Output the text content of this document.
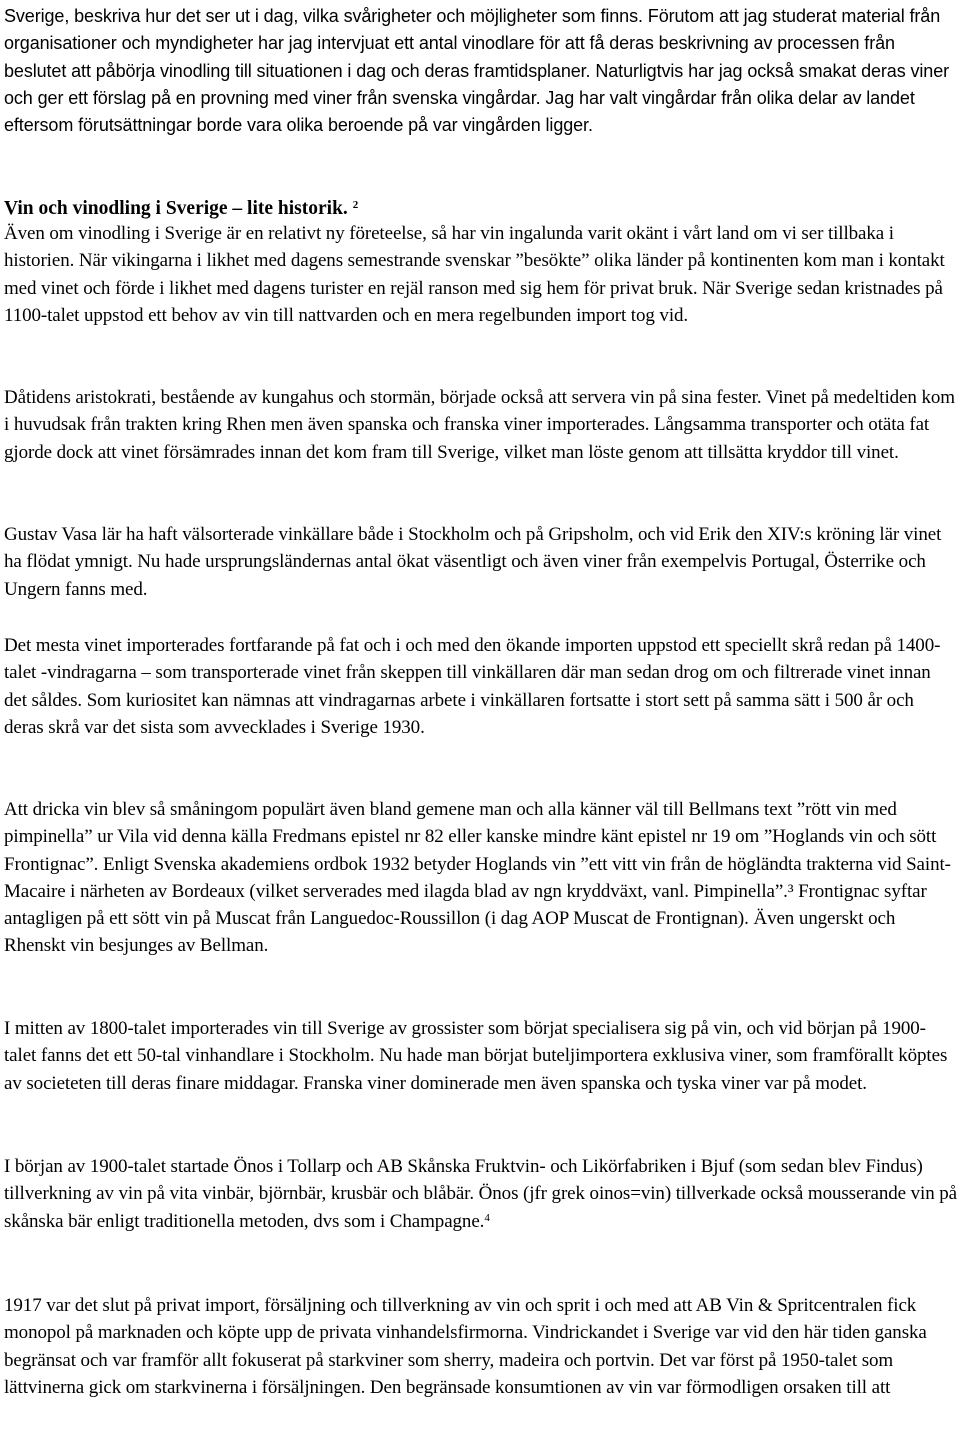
Sverige, beskriva hur det ser ut i dag, vilka svårigheter och möjligheter som finns. Förutom att jag studerat material från organisationer och myndigheter har jag intervjuat ett antal vinodlare för att få deras beskrivning av processen från beslutet att påbörja vinodling till situationen i dag och deras framtidsplaner. Naturligtvis har jag också smakat deras viner och ger ett förslag på en provning med viner från svenska vingårdar. Jag har valt vingårdar från olika delar av landet eftersom förutsättningar borde vara olika beroende på var vingården ligger.

Vin och vinodling i Sverige – lite historik. $^2$

Även om vinodling i Sverige är en relativt ny företeelse, så har vin ingalunda varit okänt i vårt land om vi ser tillbaka i historien. När vikingarna i likhet med dagens semestrande svenskar ”besökte” olika länder på kontinenten kom man i kontakt med vinet och förde i likhet med dagens turister en rejäl ranson med sig hem för privat bruk. När Sverige sedan kristnades på 1100-talet uppstod ett behov av vin till nattvarden och en mera regelbunden import tog vid.

Dåtidens aristokrati, bestående av kungahus och stormän, började också att servera vin på sina fester. Vinet på medeltiden kom i huvudsak från trakten kring Rhen men även spanska och franska viner importerades. Långsamma transporter och otäta fat gjorde dock att vinet försämrades innan det kom fram till Sverige, vilket man löste genom att tillsätta kryddor till vinet.

Gustav Vasa lär ha haft välsorterade vinkällare både i Stockholm och på Gripsholm, och vid Erik den XIV:s kröning lär vinet ha flödat ymnigt. Nu hade ursprungsländernas antal ökat väsentligt och även viner från exempelvis Portugal, Österrike och Ungern fanns med.

Det mesta vinet importerades fortfarande på fat och i och med den ökande importen uppstod ett speciellt skrå redan på 1400-talet -vindragarna – som transporterade vinet från skeppen till vinkällaren där man sedan drog om och filtrerade vinet innan det såldes. Som kuriositet kan nämnas att vindragarnas arbete i vinkällaren fortsatte i stort sett på samma sätt i 500 år och deras skrå var det sista som avvecklades i Sverige 1930.

Att dricka vin blev så småningom populärt även bland gemene man och alla känner väl till Bellmans text ”rött vin med pimpinella” ur Vila vid denna källa Fredmans epistel nr 82 eller kanske mindre känt epistel nr 19 om ”Hoglands vin och sött Frontignac”. Enligt Svenska akademiens ordbok 1932 betyder Hoglands vin ”ett vitt vin från de högländta trakterna vid Saint-Macaire i närheten av Bordeaux (vilket serverades med ilagda blad av ngn kryddväxt, vanl. Pimpinella”.³ Frontignac syftar antagligen på ett sött vin på Muscat från Languedoc-Roussillon (i dag AOP Muscat de Frontignan). Även ungerskt och Rhenskt vin besjunges av Bellman.

I mitten av 1800-talet importerades vin till Sverige av grossister som börjat specialisera sig på vin, och vid början på 1900-talet fanns det ett 50-tal vinhandlare i Stockholm. Nu hade man börjat buteljimportera exklusiva viner, som framförallt köptes av societeten till deras finare middagar. Franska viner dominerade men även spanska och tyska viner var på modet.

I början av 1900-talet startade Önos i Tollarp och AB Skånska Fruktvin- och Likörfabriken i Bjuf (som sedan blev Findus) tillverkning av vin på vita vinbär, björnbär, krusbär och blåbär. Önos (jfr grek oinos=vin) tillverkade också mousserande vin på skånska bär enligt traditionella metoden, dvs som i Champagne.$^4$

1917 var det slut på privat import, försäljning och tillverkning av vin och sprit i och med att AB Vin & Spritcentralen fick monopol på marknaden och köpte upp de privata vinhandelsfirmorna. Vindrickandet i Sverige var vid den här tiden ganska begränsat och var framför allt fokuserat på starkviner som sherry, madeira och portvin. Det var först på 1950-talet som lättvinerna gick om starkvinerna i försäljningen. Den begränsade konsumtionen av vin var förmodligen orsaken till att
